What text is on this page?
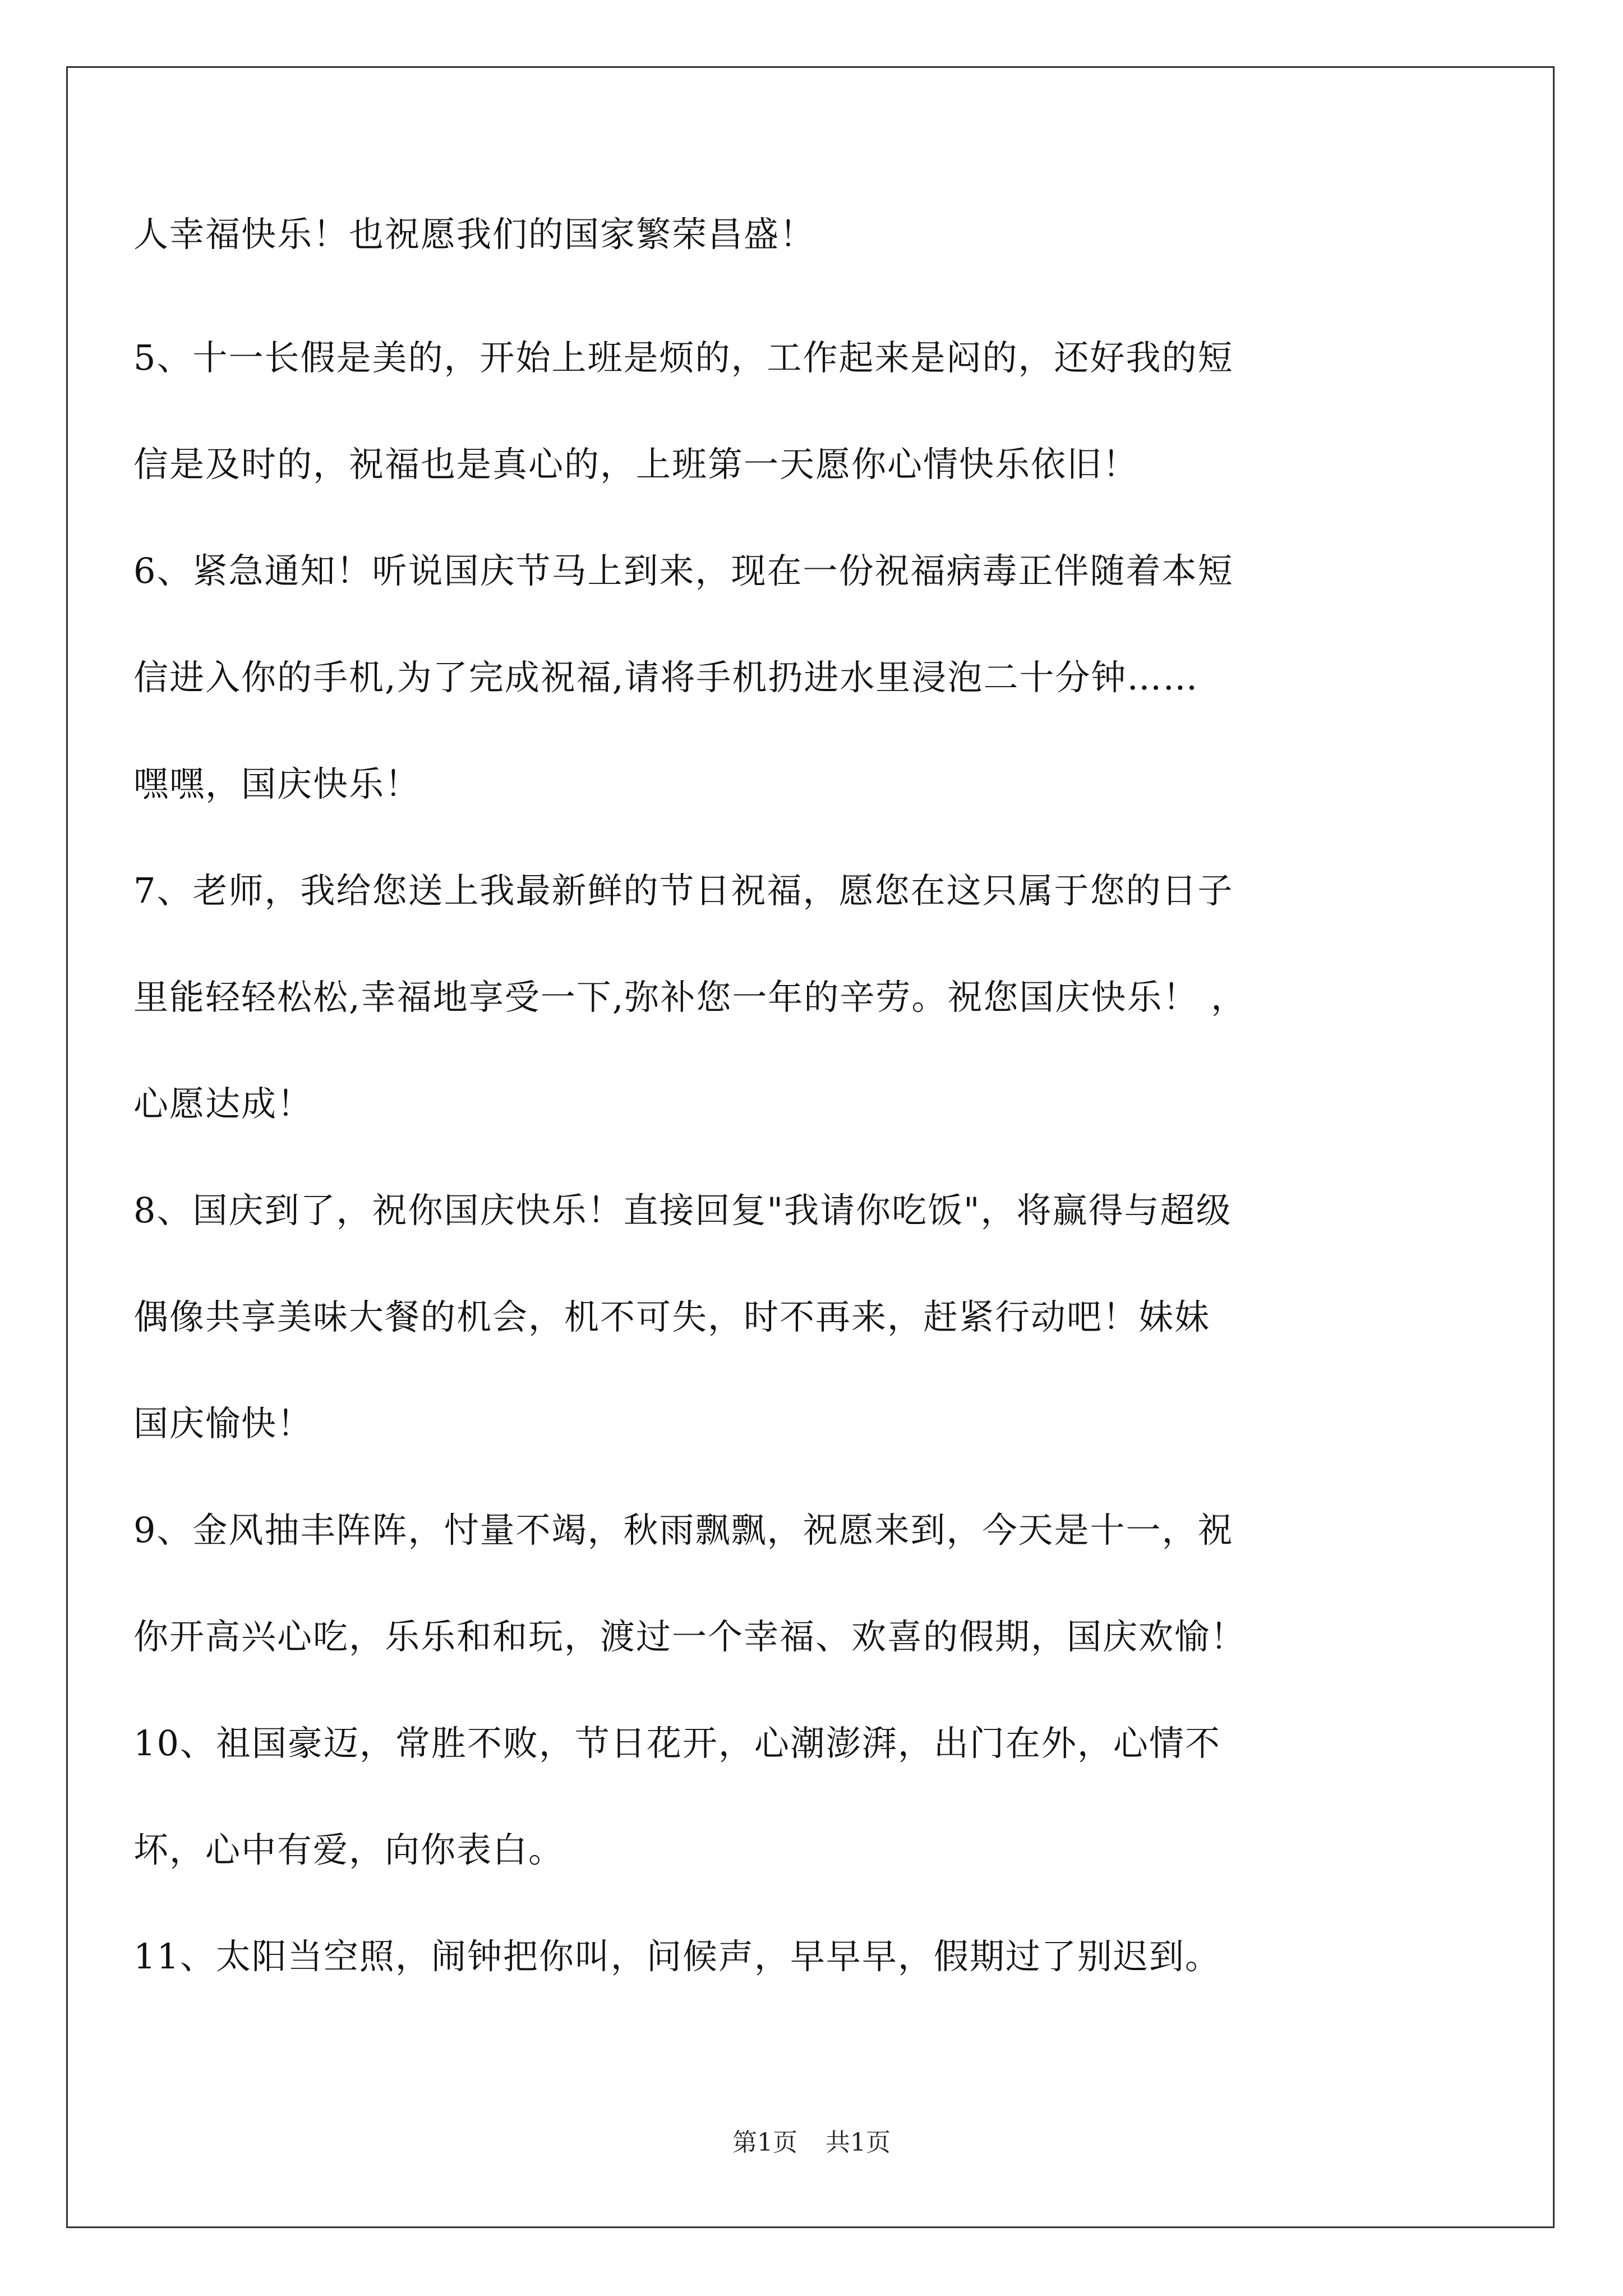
人幸福快乐！也祝愿我们的国家繁荣昌盛！
5、十一长假是美的，开始上班是烦的，工作起来是闷的，还好我的短
信是及时的，祝福也是真心的，上班第一天愿你心情快乐依旧！
6、紧急通知！听说国庆节马上到来，现在一份祝福病毒正伴随着本短
信进入你的手机,为了完成祝福,请将手机扔进水里浸泡二十分钟……
嘿嘿，国庆快乐！
7、老师，我给您送上我最新鲜的节日祝福，愿您在这只属于您的日子
里能轻轻松松,幸福地享受一下,弥补您一年的辛劳。祝您国庆快乐！ ，
心愿达成！
8、国庆到了，祝你国庆快乐！直接回复"我请你吃饭"，将赢得与超级
偶像共享美味大餐的机会，机不可失，时不再来，赶紧行动吧！妹妹
国庆愉快！
9、金风抽丰阵阵，忖量不竭，秋雨飘飘，祝愿来到，今天是十一，祝
你开高兴心吃，乐乐和和玩，渡过一个幸福、欢喜的假期，国庆欢愉！
10、祖国豪迈，常胜不败，节日花开，心潮澎湃，出门在外，心情不
坏，心中有爱，向你表白。
11、太阳当空照，闹钟把你叫，问候声，早早早，假期过了别迟到。
第1页 共1页
